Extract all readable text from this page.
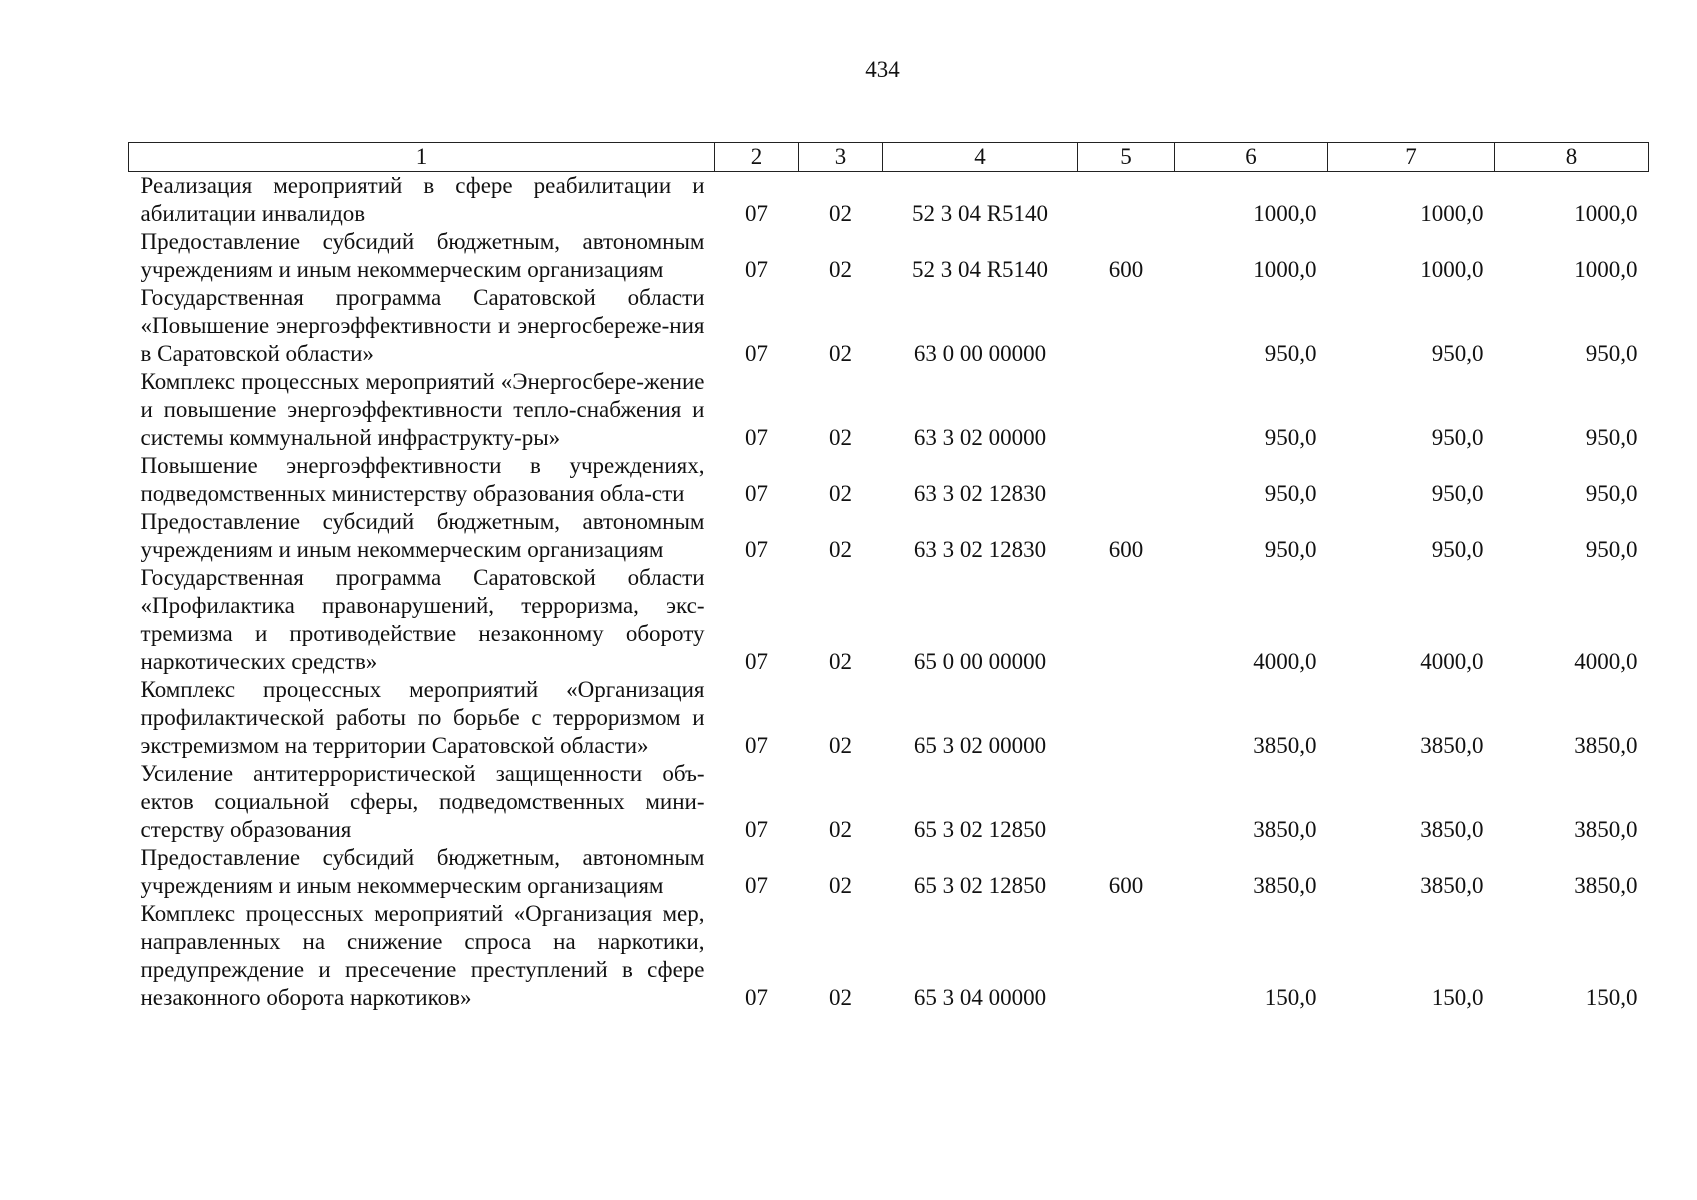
434
1	2	3	4	5	6	7	8
Реализация мероприятий в сфере реабилитации и абилитации инвалидов	07	02	52 3 04 R5140		1000,0	1000,0	1000,0
Предоставление субсидий бюджетным, автономным учреждениям и иным некоммерческим организациям	07	02	52 3 04 R5140	600	1000,0	1000,0	1000,0
Государственная программа Саратовской области «Повышение энергоэффективности и энергосбереже-ния в Саратовской области»	07	02	63 0 00 00000		950,0	950,0	950,0
Комплекс процессных мероприятий «Энергосбере-жение и повышение энергоэффективности тепло-снабжения и системы коммунальной инфраструкту-ры»	07	02	63 3 02 00000		950,0	950,0	950,0
Повышение энергоэффективности в учреждениях, подведомственных министерству образования обла-сти	07	02	63 3 02 12830		950,0	950,0	950,0
Предоставление субсидий бюджетным, автономным учреждениям и иным некоммерческим организациям	07	02	63 3 02 12830	600	950,0	950,0	950,0
Государственная программа Саратовской области «Профилактика правонарушений, терроризма, экс-тремизма и противодействие незаконному обороту наркотических средств»	07	02	65 0 00 00000		4000,0	4000,0	4000,0
Комплекс процессных мероприятий «Организация профилактической работы по борьбе с терроризмом и экстремизмом на территории Саратовской области»	07	02	65 3 02 00000		3850,0	3850,0	3850,0
Усиление антитеррористической защищенности объ-ектов социальной сферы, подведомственных мини-стерству образования	07	02	65 3 02 12850		3850,0	3850,0	3850,0
Предоставление субсидий бюджетным, автономным учреждениям и иным некоммерческим организациям	07	02	65 3 02 12850	600	3850,0	3850,0	3850,0
Комплекс процессных мероприятий «Организация мер, направленных на снижение спроса на наркотики, предупреждение и пресечение преступлений в сфере незаконного оборота наркотиков»	07	02	65 3 04 00000		150,0	150,0	150,0
